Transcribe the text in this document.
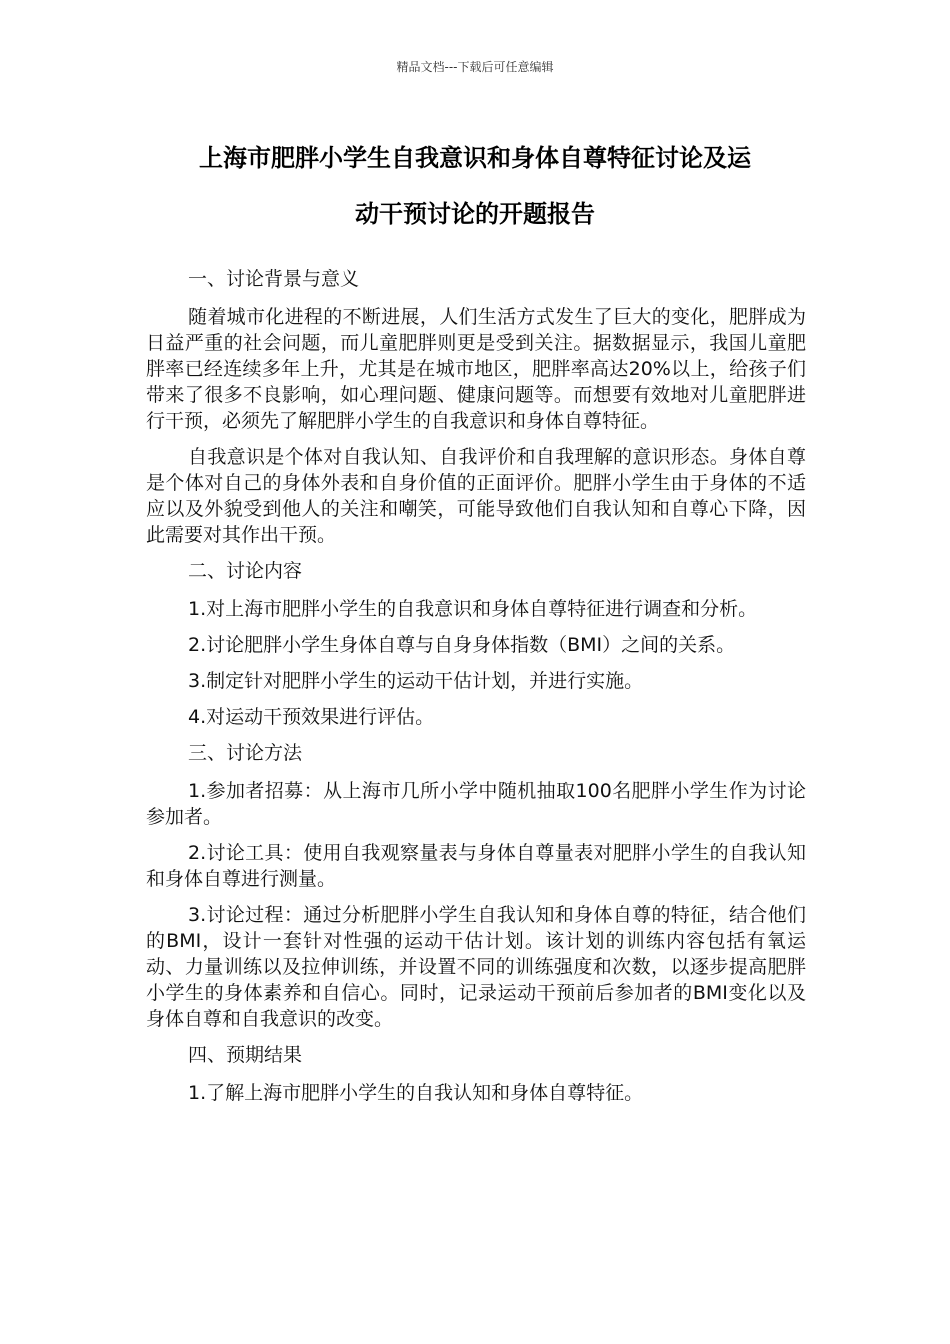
精品文档---下载后可任意编辑
上海市肥胖小学生自我意识和身体自尊特征讨论及运
动干预讨论的开题报告

一、讨论背景与意义

随着城市化进程的不断进展，人们生活方式发生了巨大的变化，肥胖成为日益严重的社会问题，而儿童肥胖则更是受到关注。据数据显示，我国儿童肥胖率已经连续多年上升，尤其是在城市地区，肥胖率高达20%以上，给孩子们带来了很多不良影响，如心理问题、健康问题等。而想要有效地对儿童肥胖进行干预，必须先了解肥胖小学生的自我意识和身体自尊特征。

自我意识是个体对自我认知、自我评价和自我理解的意识形态。身体自尊是个体对自己的身体外表和自身价值的正面评价。肥胖小学生由于身体的不适应以及外貌受到他人的关注和嘲笑，可能导致他们自我认知和自尊心下降，因此需要对其作出干预。

二、讨论内容

1.对上海市肥胖小学生的自我意识和身体自尊特征进行调查和分析。

2.讨论肥胖小学生身体自尊与自身身体指数（BMI）之间的关系。

3.制定针对肥胖小学生的运动干估计划，并进行实施。

4.对运动干预效果进行评估。

三、讨论方法

1.参加者招募：从上海市几所小学中随机抽取100名肥胖小学生作为讨论参加者。

2.讨论工具：使用自我观察量表与身体自尊量表对肥胖小学生的自我认知和身体自尊进行测量。

3.讨论过程：通过分析肥胖小学生自我认知和身体自尊的特征，结合他们的BMI，设计一套针对性强的运动干估计划。该计划的训练内容包括有氧运动、力量训练以及拉伸训练，并设置不同的训练强度和次数，以逐步提高肥胖小学生的身体素养和自信心。同时，记录运动干预前后参加者的BMI变化以及身体自尊和自我意识的改变。

四、预期结果

1.了解上海市肥胖小学生的自我认知和身体自尊特征。
